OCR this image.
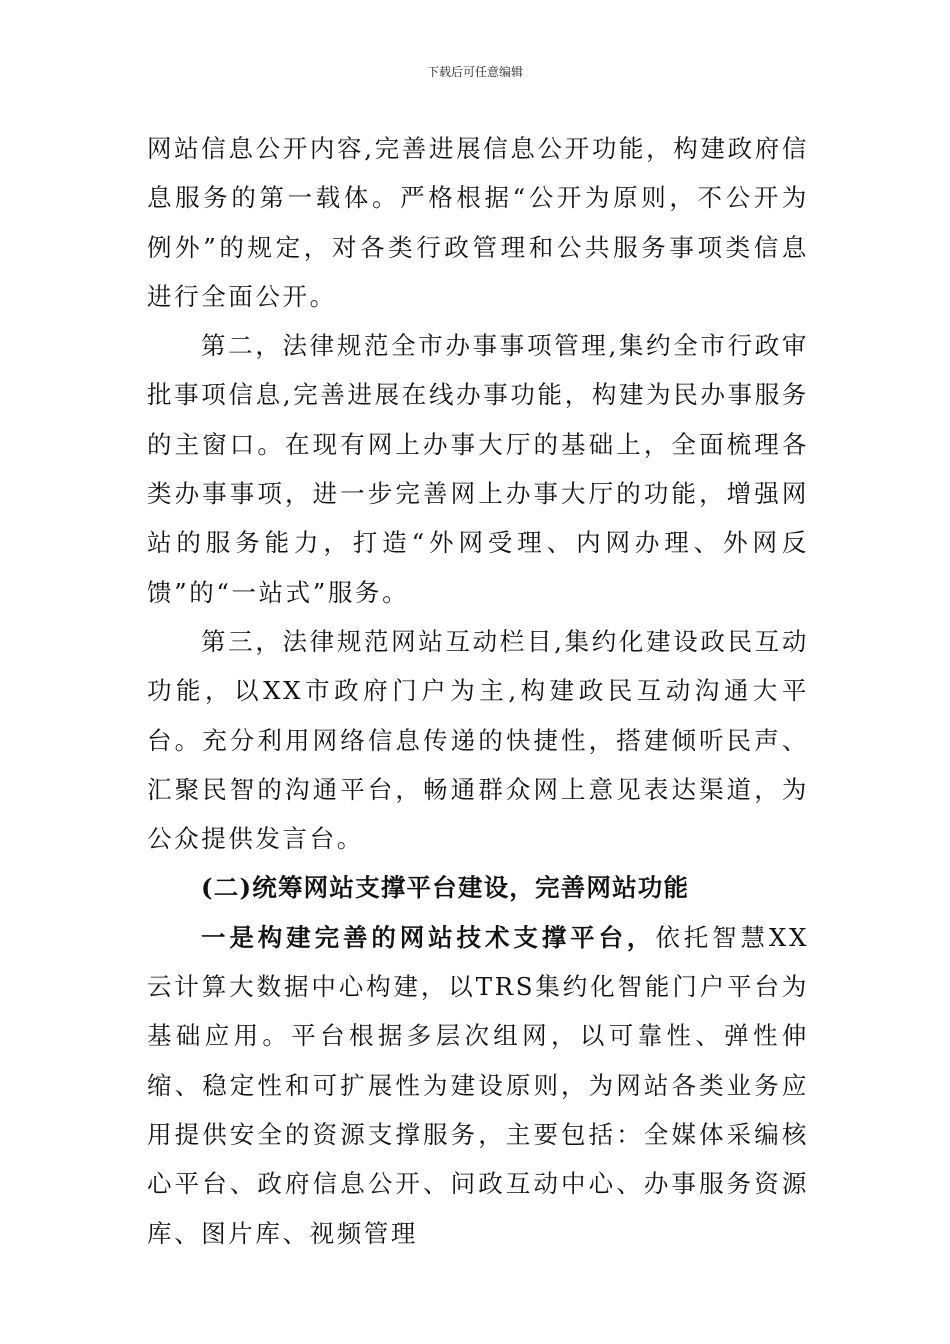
下载后可任意编辑

网站信息公开内容,完善进展信息公开功能，构建政府信息服务的第一载体。严格根据“公开为原则，不公开为例外”的规定，对各类行政管理和公共服务事项类信息进行全面公开。

第二，法律规范全市办事事项管理,集约全市行政审批事项信息,完善进展在线办事功能，构建为民办事服务的主窗口。在现有网上办事大厅的基础上，全面梳理各类办事事项，进一步完善网上办事大厅的功能，增强网站的服务能力，打造“外网受理、内网办理、外网反馈”的“一站式”服务。

第三，法律规范网站互动栏目,集约化建设政民互动功能，以XX市政府门户为主,构建政民互动沟通大平台。充分利用网络信息传递的快捷性，搭建倾听民声、汇聚民智的沟通平台，畅通群众网上意见表达渠道，为公众提供发言台。

(二)统筹网站支撑平台建设，完善网站功能

一是构建完善的网站技术支撑平台，依托智慧XX云计算大数据中心构建，以TRS集约化智能门户平台为基础应用。平台根据多层次组网，以可靠性、弹性伸缩、稳定性和可扩展性为建设原则，为网站各类业务应用提供安全的资源支撑服务，主要包括：全媒体采编核心平台、政府信息公开、问政互动中心、办事服务资源库、图片库、视频管理
